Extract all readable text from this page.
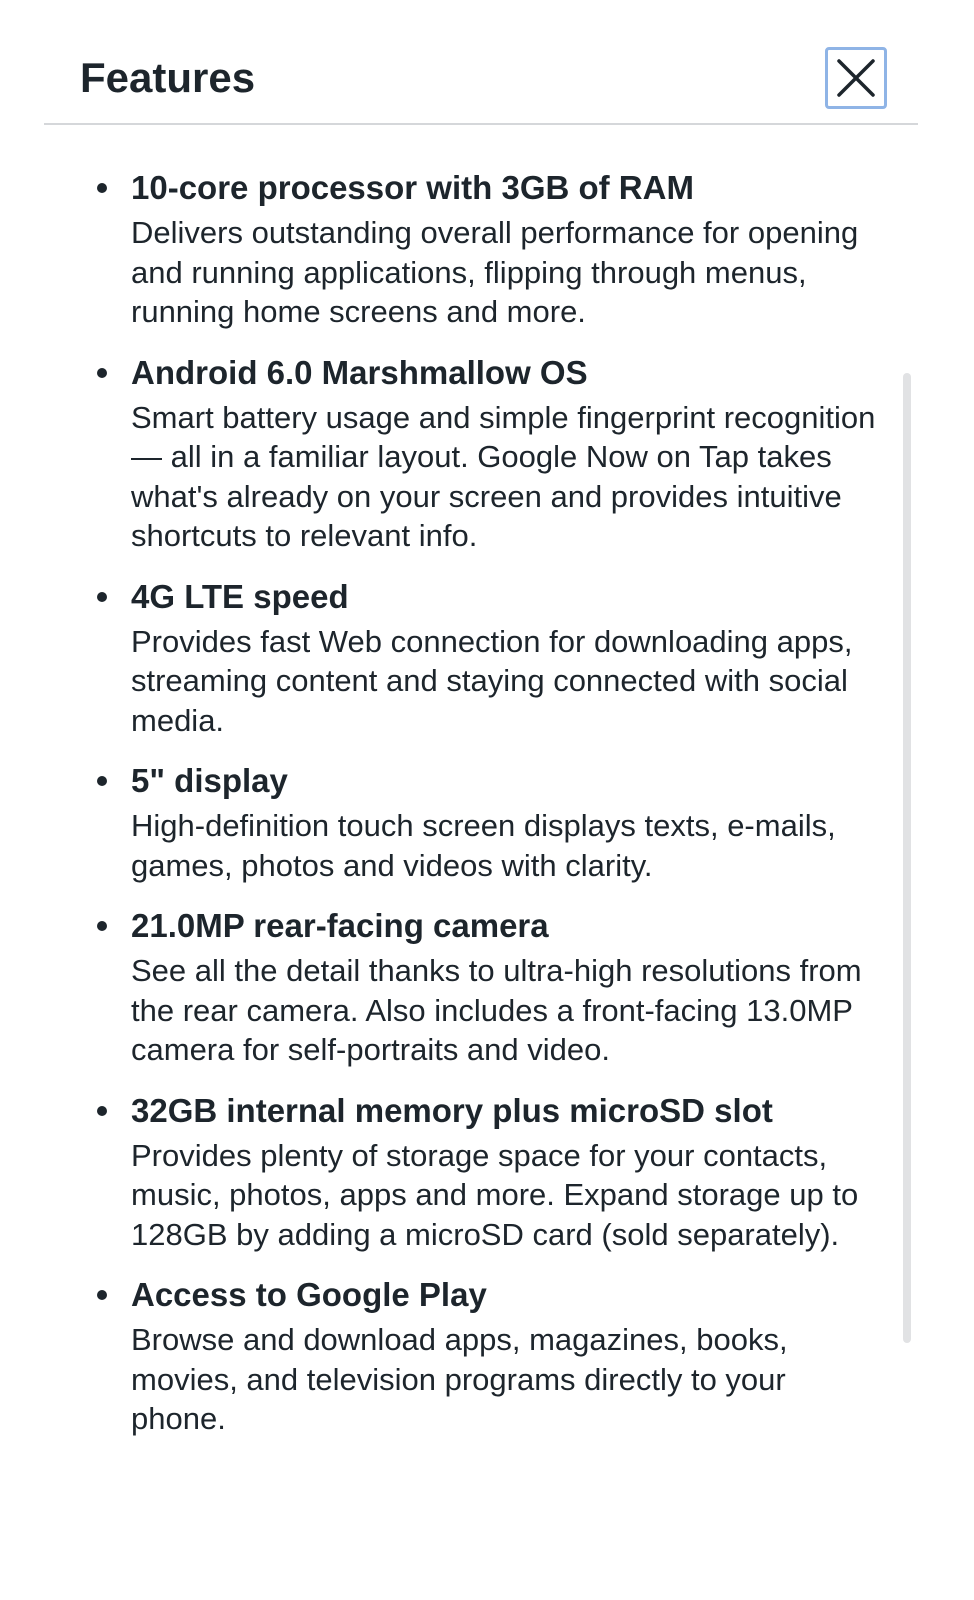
Features
10-core processor with 3GB of RAM

Delivers outstanding overall performance for opening and running applications, flipping through menus, running home screens and more.

Android 6.0 Marshmallow OS

Smart battery usage and simple fingerprint recognition — all in a familiar layout. Google Now on Tap takes what's already on your screen and provides intuitive shortcuts to relevant info.

4G LTE speed

Provides fast Web connection for downloading apps, streaming content and staying connected with social media.

5" display

High-definition touch screen displays texts, e-mails, games, photos and videos with clarity.

21.0MP rear-facing camera

See all the detail thanks to ultra-high resolutions from the rear camera. Also includes a front-facing 13.0MP camera for self-portraits and video.

32GB internal memory plus microSD slot

Provides plenty of storage space for your contacts, music, photos, apps and more. Expand storage up to 128GB by adding a microSD card (sold separately).

Access to Google Play

Browse and download apps, magazines, books, movies, and television programs directly to your phone.
